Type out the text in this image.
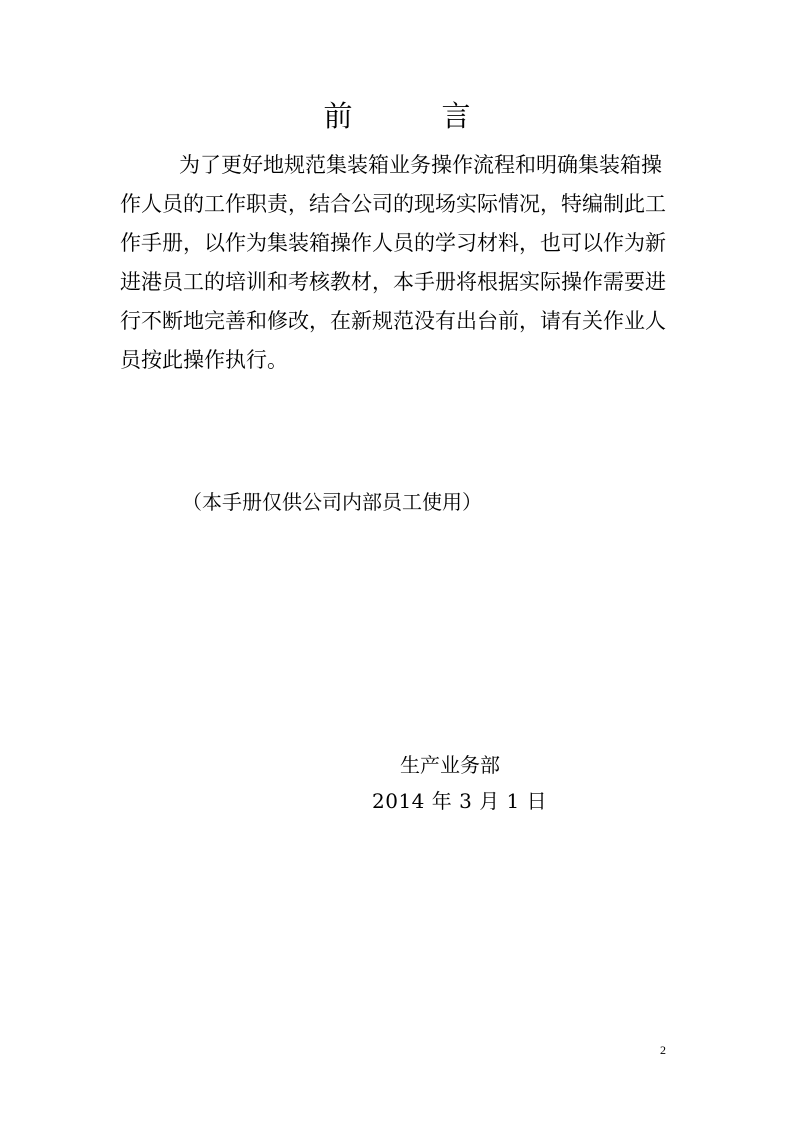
前　言
为了更好地规范集装箱业务操作流程和明确集装箱操
作人员的工作职责，结合公司的现场实际情况，特编制此工
作手册，以作为集装箱操作人员的学习材料，也可以作为新
进港员工的培训和考核教材，本手册将根据实际操作需要进
行不断地完善和修改，在新规范没有出台前，请有关作业人
员按此操作执行。
（本手册仅供公司内部员工使用）
生产业务部
2014 年 3 月 1 日
2
